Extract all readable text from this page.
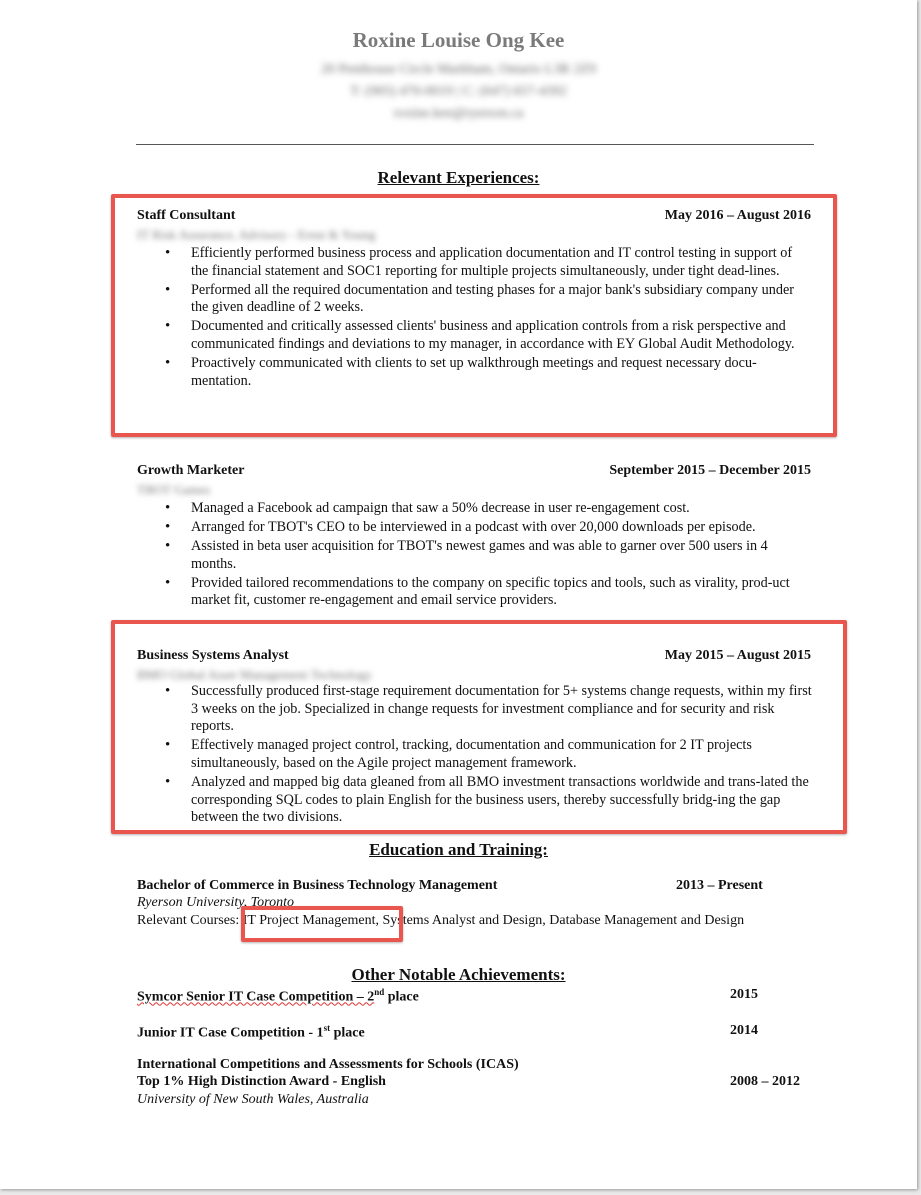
Roxine Louise Ong Kee
20 Penthouse Circle Markham, Ontario L3R 2Z9
T: (905) 470-0019 | C: (647) 657-4392
roxine.kee@ryerson.ca
Relevant Experiences:
Staff Consultant	May 2016 – August 2016
IT Risk Assurance, Advisory - Ernst & Young
• Efficiently performed business process and application documentation and IT control testing in support of the financial statement and SOC1 reporting for multiple projects simultaneously, under tight dead-lines.
• Performed all the required documentation and testing phases for a major bank's subsidiary company under the given deadline of 2 weeks.
• Documented and critically assessed clients' business and application controls from a risk perspective and communicated findings and deviations to my manager, in accordance with EY Global Audit Methodology.
• Proactively communicated with clients to set up walkthrough meetings and request necessary docu-mentation.
Growth Marketer	September 2015 – December 2015
TBOT Games
• Managed a Facebook ad campaign that saw a 50% decrease in user re-engagement cost.
• Arranged for TBOT's CEO to be interviewed in a podcast with over 20,000 downloads per episode.
• Assisted in beta user acquisition for TBOT's newest games and was able to garner over 500 users in 4 months.
• Provided tailored recommendations to the company on specific topics and tools, such as virality, prod-uct market fit, customer re-engagement and email service providers.
Business Systems Analyst	May 2015 – August 2015
BMO Global Asset Management Technology
• Successfully produced first-stage requirement documentation for 5+ systems change requests, within my first 3 weeks on the job. Specialized in change requests for investment compliance and for security and risk reports.
• Effectively managed project control, tracking, documentation and communication for 2 IT projects simultaneously, based on the Agile project management framework.
• Analyzed and mapped big data gleaned from all BMO investment transactions worldwide and trans-lated the corresponding SQL codes to plain English for the business users, thereby successfully bridg-ing the gap between the two divisions.
Education and Training:
Bachelor of Commerce in Business Technology Management	2013 – Present
Ryerson University, Toronto
Relevant Courses: IT Project Management, Systems Analyst and Design, Database Management and Design
Other Notable Achievements:
Symcor Senior IT Case Competition – 2nd place	2015
Junior IT Case Competition - 1st place	2014
International Competitions and Assessments for Schools (ICAS)
Top 1% High Distinction Award - English	2008 – 2012
University of New South Wales, Australia
